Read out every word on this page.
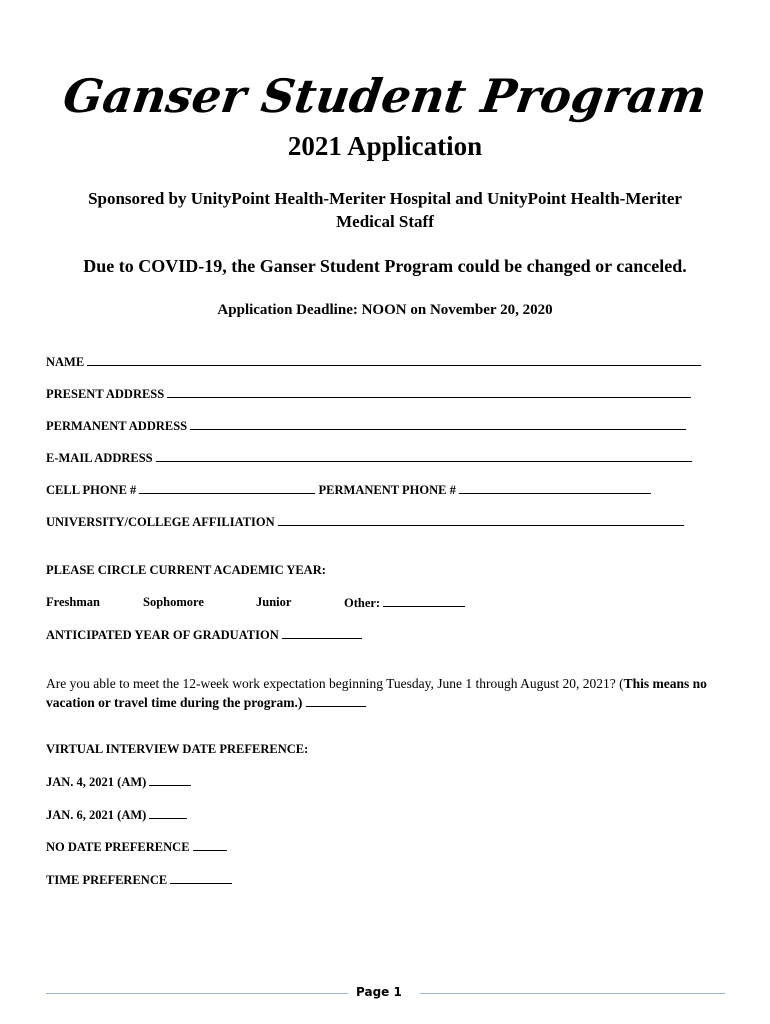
Ganser Student Program
2021 Application
Sponsored by UnityPoint Health-Meriter Hospital and UnityPoint Health-Meriter Medical Staff
Due to COVID-19, the Ganser Student Program could be changed or canceled.
Application Deadline: NOON on November 20, 2020
NAME
PRESENT ADDRESS
PERMANENT ADDRESS
E-MAIL ADDRESS
CELL PHONE #	PERMANENT PHONE #
UNIVERSITY/COLLEGE AFFILIATION
PLEASE CIRCLE CURRENT ACADEMIC YEAR:
Freshman	Sophomore	Junior	Other:
ANTICIPATED YEAR OF GRADUATION
Are you able to meet the 12-week work expectation beginning Tuesday, June 1 through August 20, 2021? (This means no vacation or travel time during the program.)
VIRTUAL INTERVIEW DATE PREFERENCE:
JAN. 4, 2021 (AM)
JAN. 6, 2021 (AM)
NO DATE PREFERENCE
TIME PREFERENCE
Page 1
